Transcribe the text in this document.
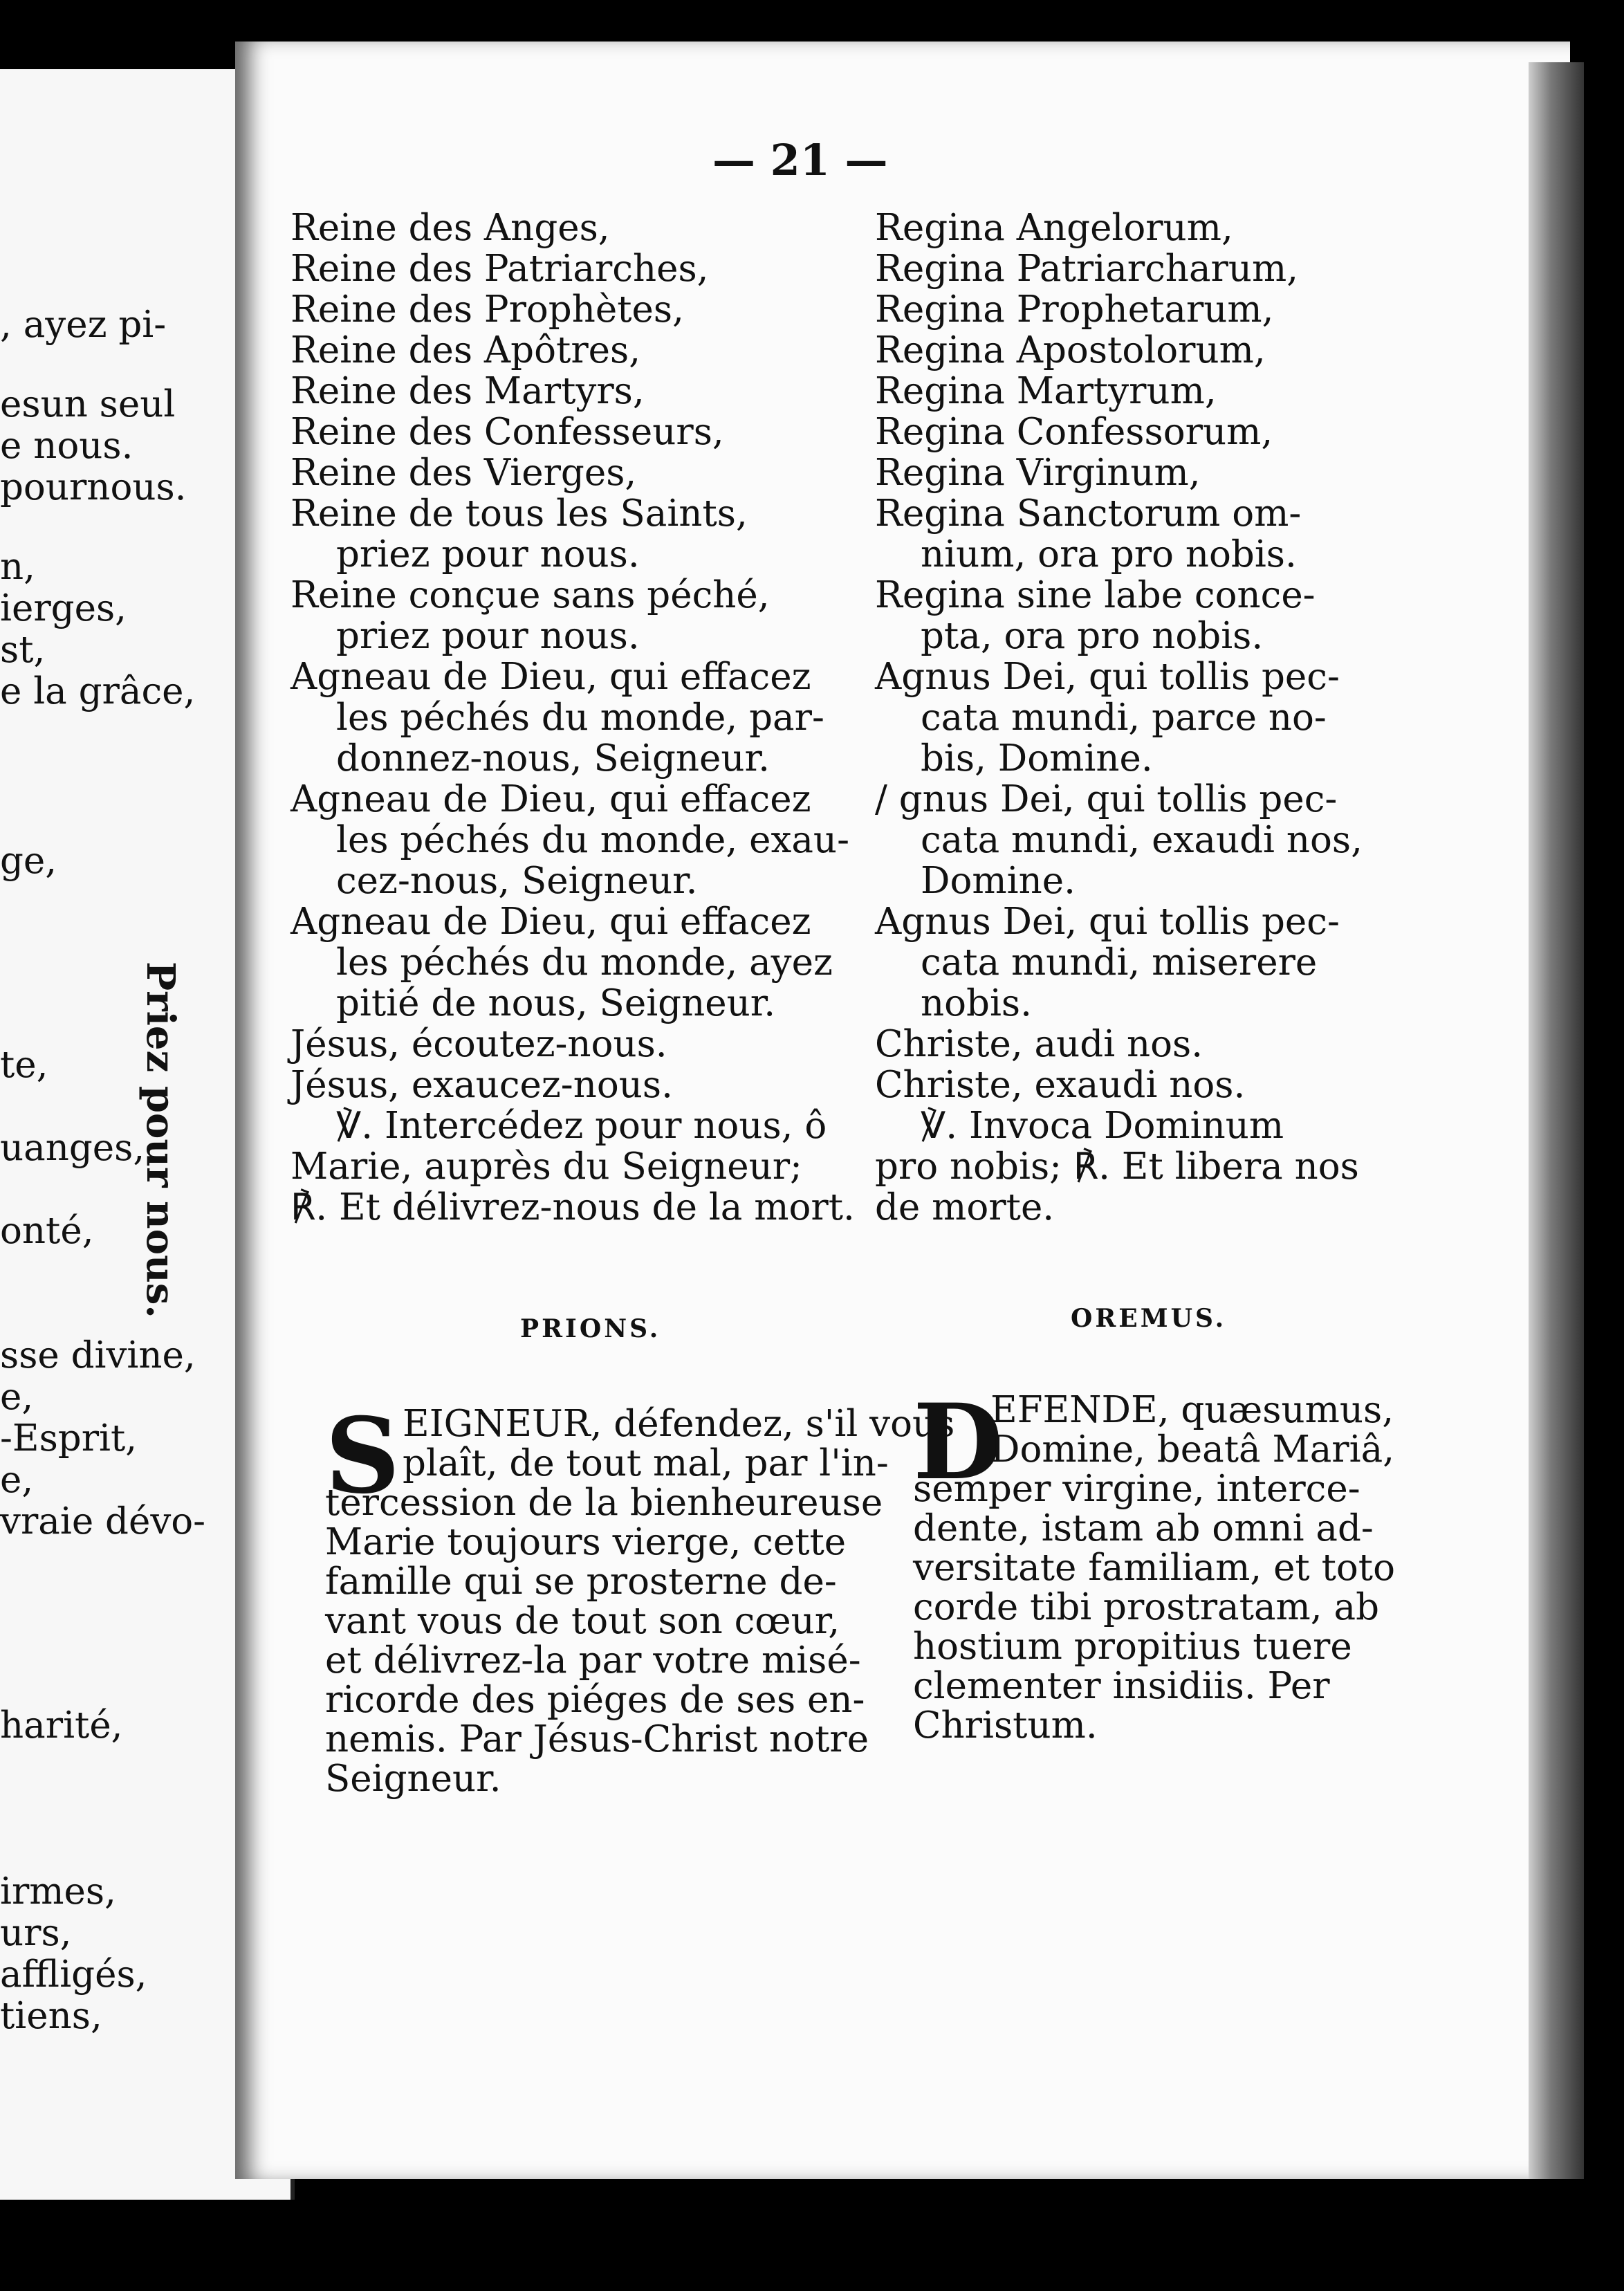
, ayez pi-
esun seul
e nous.
pournous.
n,
ierges,
st,
e la grâce,
ge,
te,
uanges,
onté,
sse divine,
e,
-Esprit,
e,
vraie dévo-
harité,
irmes,
urs,
affligés,
tiens,
Priez pour nous.
— 21 —
Reine des Anges,
Reine des Patriarches,
Reine des Prophètes,
Reine des Apôtres,
Reine des Martyrs,
Reine des Confesseurs,
Reine des Vierges,
Reine de tous les Saints,
priez pour nous.
Reine conçue sans péché,
priez pour nous.
Agneau de Dieu, qui effacez
les péchés du monde, par-
donnez-nous, Seigneur.
Agneau de Dieu, qui effacez
les péchés du monde, exau-
cez-nous, Seigneur.
Agneau de Dieu, qui effacez
les péchés du monde, ayez
pitié de nous, Seigneur.
Jésus, écoutez-nous.
Jésus, exaucez-nous.
℣. Intercédez pour nous, ô
Marie, auprès du Seigneur;
℟. Et délivrez-nous de la mort.
Regina Angelorum,
Regina Patriarcharum,
Regina Prophetarum,
Regina Apostolorum,
Regina Martyrum,
Regina Confessorum,
Regina Virginum,
Regina Sanctorum om-
nium, ora pro nobis.
Regina sine labe conce-
pta, ora pro nobis.
Agnus Dei, qui tollis pec-
cata mundi, parce no-
bis, Domine.
/ gnus Dei, qui tollis pec-
cata mundi, exaudi nos,
Domine.
Agnus Dei, qui tollis pec-
cata mundi, miserere
nobis.
Christe, audi nos.
Christe, exaudi nos.
℣. Invoca Dominum
pro nobis; ℟. Et libera nos
de morte.
PRIONS.	OREMUS.
S EIGNEUR, défendez, s'il vous
plaît, de tout mal, par l'in-
tercession de la bienheureuse
Marie toujours vierge, cette
famille qui se prosterne de-
vant vous de tout son cœur,
et délivrez-la par votre misé-
ricorde des piéges de ses en-
nemis. Par Jésus-Christ notre
Seigneur.
D
EFENDE, quæsumus,
Domine, beatâ Mariâ,
semper virgine, interce-
dente, istam ab omni ad-
versitate familiam, et toto
corde tibi prostratam, ab
hostium propitius tuere
clementer insidiis. Per
Christum.
